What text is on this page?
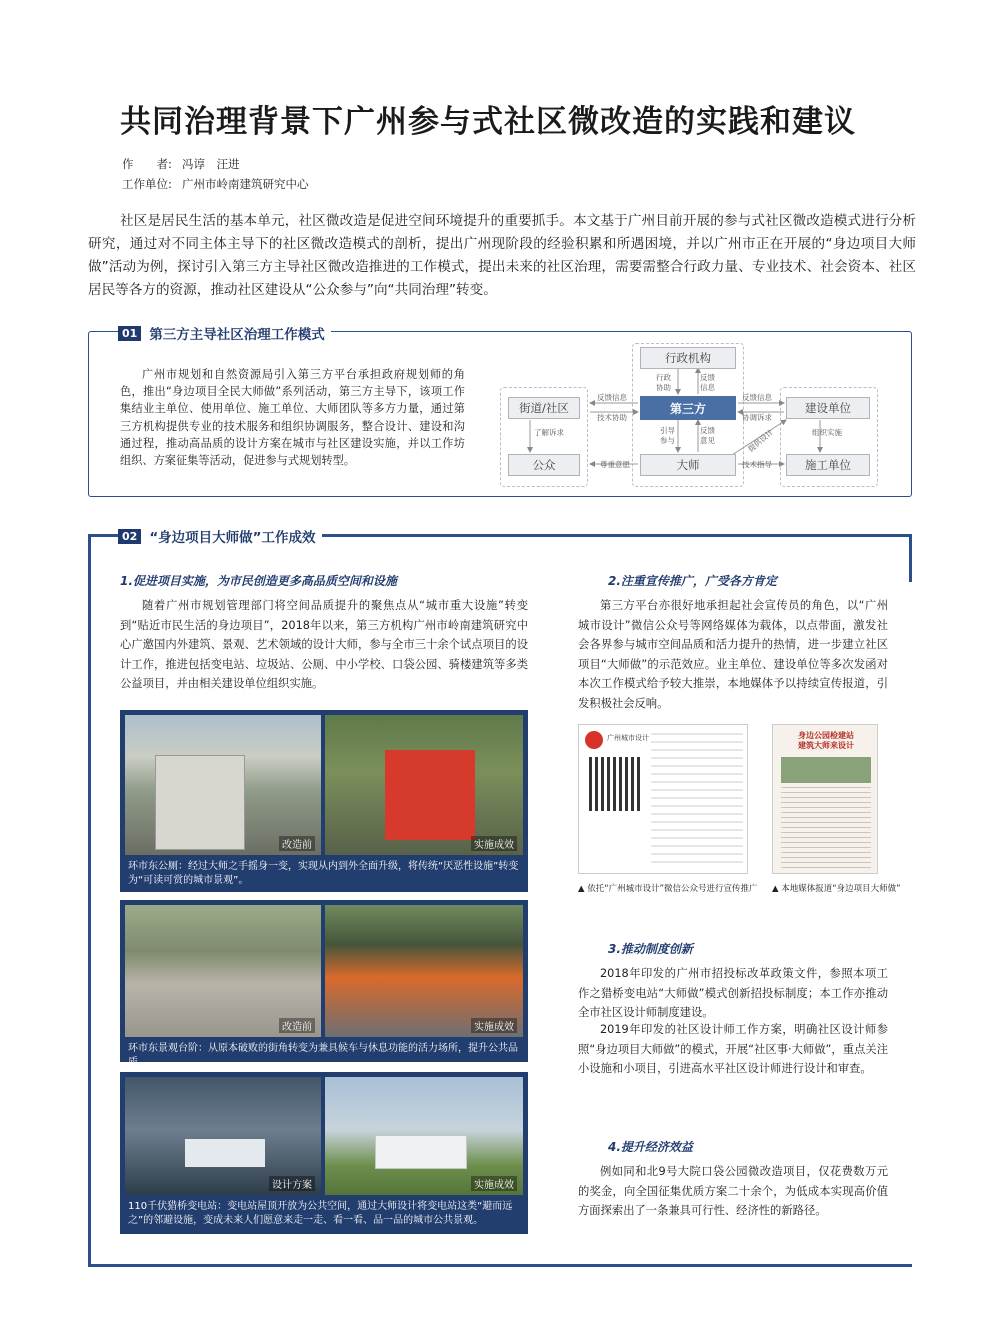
共同治理背景下广州参与式社区微改造的实践和建议
作　　者: 冯谆　汪进
工作单位: 广州市岭南建筑研究中心
社区是居民生活的基本单元，社区微改造是促进空间环境提升的重要抓手。本文基于广州目前开展的参与式社区微改造模式进行分析研究，通过对不同主体主导下的社区微改造模式的剖析，提出广州现阶段的经验积累和所遇困境，并以广州市正在开展的“身边项目大师做”活动为例，探讨引入第三方主导社区微改造推进的工作模式，提出未来的社区治理，需要需整合行政力量、专业技术、社会资本、社区居民等各方的资源，推动社区建设从“公众参与”向“共同治理”转变。
01 第三方主导社区治理工作模式
广州市规划和自然资源局引入第三方平台承担政府规划师的角色，推出“身边项目全民大师做”系列活动，第三方主导下，该项工作集结业主单位、使用单位、施工单位、大师团队等多方力量，通过第三方机构提供专业的技术服务和组织协调服务，整合设计、建设和沟通过程，推动高品质的设计方案在城市与社区建设实施，并以工作坊组织、方案征集等活动，促进参与式规划转型。
行政机构
第三方
街道/社区
公众	大师
建设单位
施工单位
行政
协助
反馈
信息
反馈信息
技术协助
反馈信息
协调诉求
了解诉求	引导
参与
反馈
意见
尊重意愿	技术指导
提供设计	组织实施
02 “身边项目大师做”工作成效
1.促进项目实施，为市民创造更多高品质空间和设施
随着广州市规划管理部门将空间品质提升的聚焦点从“城市重大设施”转变到“贴近市民生活的身边项目”，2018年以来，第三方机构广州市岭南建筑研究中心广邀国内外建筑、景观、艺术领域的设计大师，参与全市三十余个试点项目的设计工作，推进包括变电站、垃圾站、公厕、中小学校、口袋公园、骑楼建筑等多类公益项目，并由相关建设单位组织实施。
改造前	实施成效
环市东公厕：经过大师之手摇身一变，实现从内到外全面升级，将传统“厌恶性设施”转变为“可读可赏的城市景观”。
改造前	实施成效
环市东景观台阶：从原本破败的街角转变为兼具候车与休息功能的活力场所，提升公共品质。
设计方案	实施成效
110千伏猎桥变电站：变电站屋顶开放为公共空间，通过大师设计将变电站这类“避而远之”的邻避设施，变成未来人们愿意来走一走、看一看、品一品的城市公共景观。
2.注重宣传推广，广受各方肯定
第三方平台亦很好地承担起社会宣传员的角色，以“广州城市设计”微信公众号等网络媒体为载体，以点带面，激发社会各界参与城市空间品质和活力提升的热情，进一步建立社区项目“大师做”的示范效应。业主单位、建设单位等多次发函对本次工作模式给予较大推崇，本地媒体予以持续宣传报道，引发积极社会反响。
广州城市设计
▲ 依托“广州城市设计”微信公众号进行宣传推广
身边公园检建站
建筑大师来设计
▲ 本地媒体报道“身边项目大师做”
3.推动制度创新
2018年印发的广州市招投标改革政策文件，参照本项工作之猎桥变电站“大师做”模式创新招投标制度；本工作亦推动全市社区设计师制度建设。
2019年印发的社区设计师工作方案，明确社区设计师参照“身边项目大师做”的模式，开展“社区事·大师做”，重点关注小设施和小项目，引进高水平社区设计师进行设计和审查。
4.提升经济效益
例如同和北9号大院口袋公园微改造项目，仅花费数万元的奖金，向全国征集优质方案二十余个，为低成本实现高价值方面探索出了一条兼具可行性、经济性的新路径。
